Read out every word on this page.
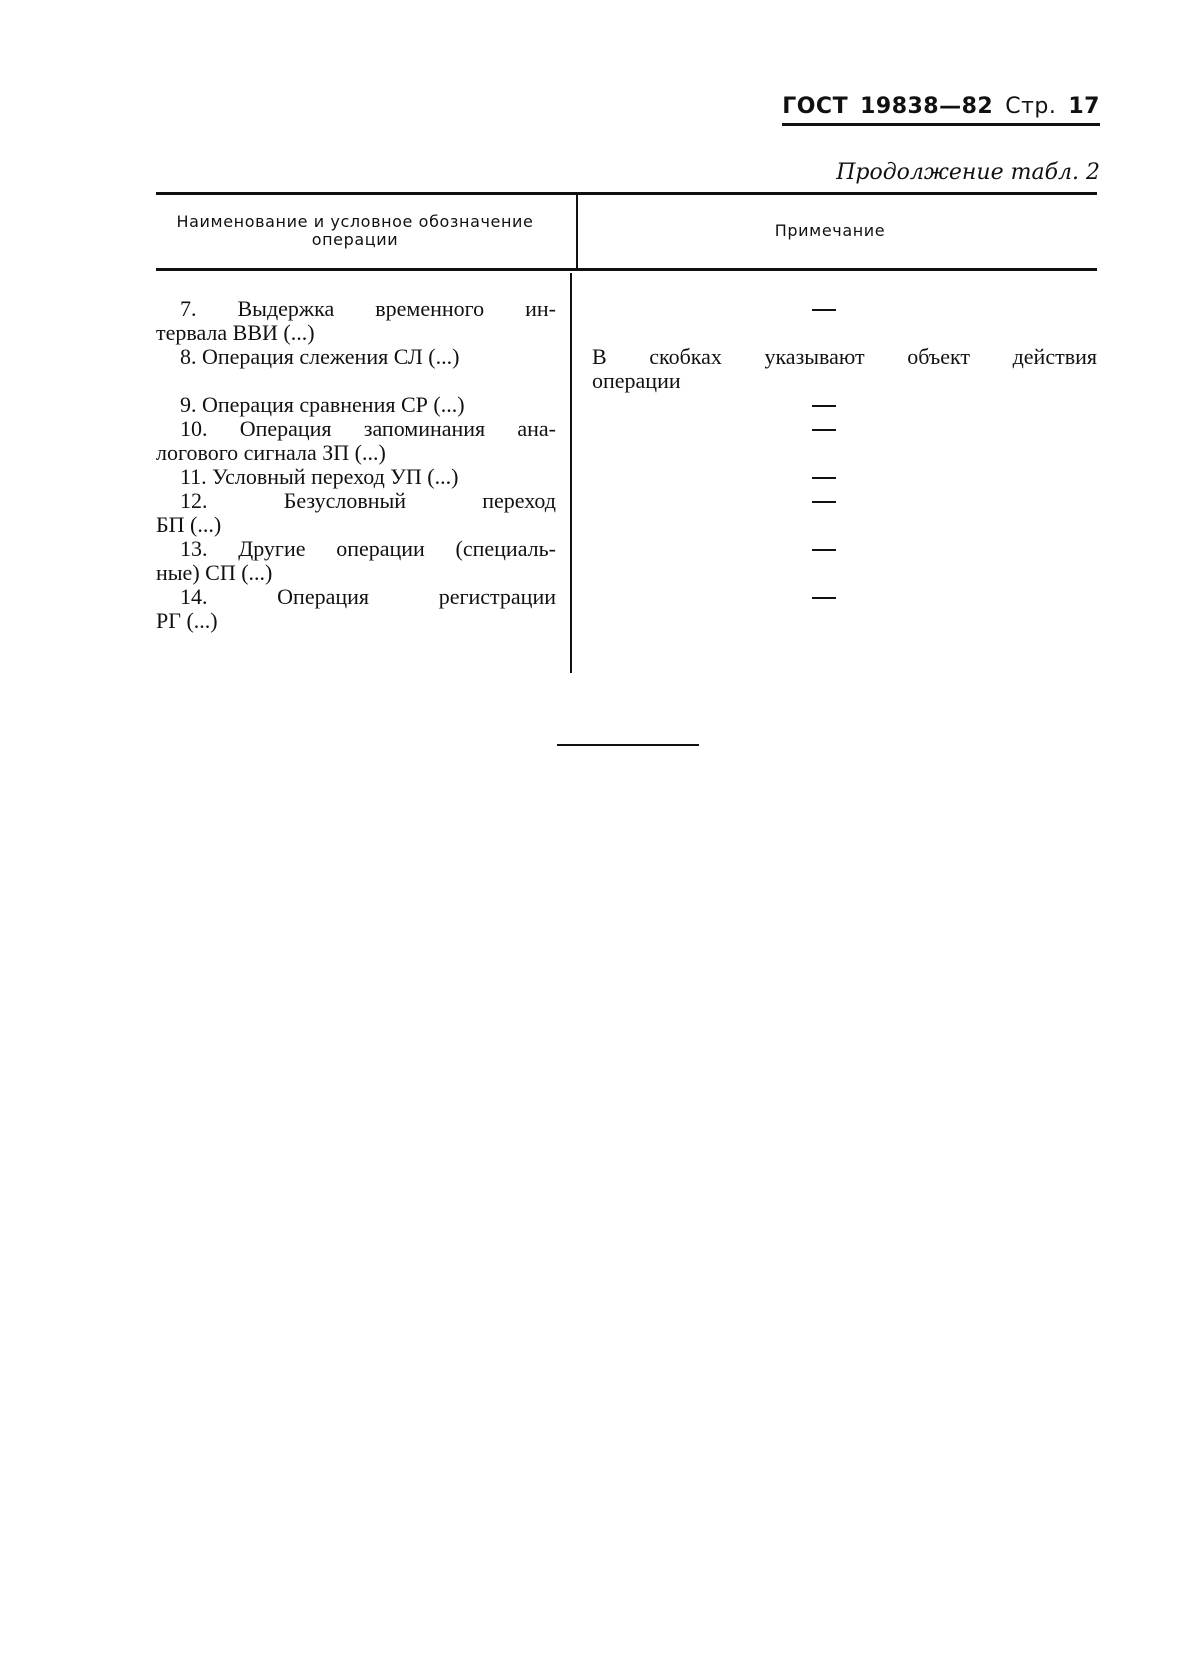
ГОСТ 19838—82 Стр. 17
Продолжение табл. 2
Наименование и условное обозначение операции	Примечание
7. Выдержка временного ин-
тервала ВВИ (...)
8. Операция слежения СЛ (...)
9. Операция сравнения СР (...)
10. Операция запоминания ана-
логового сигнала ЗП (...)
11. Условный переход УП (...)
12. Безусловный переход
БП (...)
13. Другие операции (специаль-
ные) СП (...)
14. Операция регистрации
РГ (...)
В скобках указывают объект действия
операции
